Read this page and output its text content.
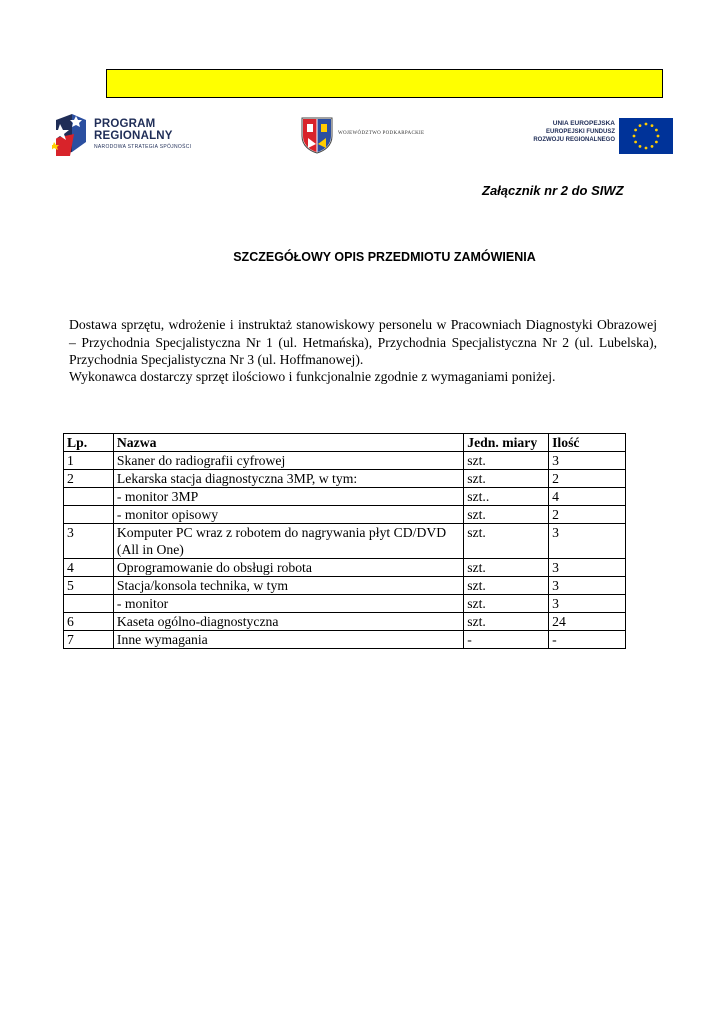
PROGRAM
REGIONALNY
NARODOWA STRATEGIA SPÓJNOŚCI
WOJEWÓDZTWO PODKARPACKIE
UNIA EUROPEJSKA
EUROPEJSKI FUNDUSZ
ROZWOJU REGIONALNEGO
Załącznik nr 2 do SIWZ
SZCZEGÓŁOWY OPIS PRZEDMIOTU ZAMÓWIENIA

Dostawa sprzętu, wdrożenie i instruktaż stanowiskowy personelu w Pracowniach Diagnostyki Obrazowej – Przychodnia Specjalistyczna Nr 1 (ul. Hetmańska), Przychodnia Specjalistyczna Nr 2 (ul. Lubelska), Przychodnia Specjalistyczna Nr 3 (ul. Hoffmanowej).

Wykonawca dostarczy sprzęt ilościowo i funkcjonalnie zgodnie z wymaganiami poniżej.

Lp.	Nazwa	Jedn. miary	Ilość
1	Skaner do radiografii cyfrowej	szt.	3
2	Lekarska stacja diagnostyczna 3MP, w tym:	szt.	2
	- monitor 3MP	szt..	4
	- monitor opisowy	szt.	2
3	Komputer PC wraz z robotem do nagrywania płyt CD/DVD (All in One)	szt.	3
4	Oprogramowanie do obsługi robota	szt.	3
5	Stacja/konsola technika, w tym	szt.	3
	- monitor	szt.	3
6	Kaseta ogólno-diagnostyczna	szt.	24
7	Inne wymagania	-	-
